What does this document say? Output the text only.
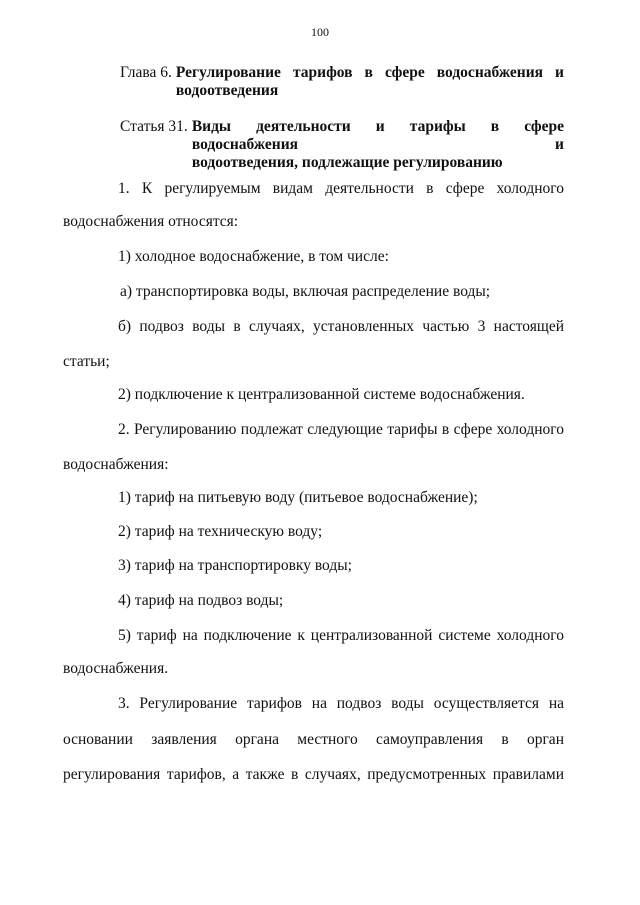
100
Глава 6. Регулирование тарифов в сфере водоснабжения и
водоотведения
Статья 31. Виды деятельности и тарифы в сфере водоснабжения и
водоотведения, подлежащие регулированию
1. К регулируемым видам деятельности в сфере холодного
водоснабжения относятся:
1) холодное водоснабжение, в том числе:
а) транспортировка воды, включая распределение воды;
б) подвоз воды в случаях, установленных частью 3 настоящей
статьи;
2) подключение к централизованной системе водоснабжения.
2. Регулированию подлежат следующие тарифы в сфере холодного
водоснабжения:
1) тариф на питьевую воду (питьевое водоснабжение);
2) тариф на техническую воду;
3) тариф на транспортировку воды;
4) тариф на подвоз воды;
5) тариф на подключение к централизованной системе холодного
водоснабжения.
3. Регулирование тарифов на подвоз воды осуществляется на
основании заявления органа местного самоуправления в орган
регулирования тарифов, а также в случаях, предусмотренных правилами
